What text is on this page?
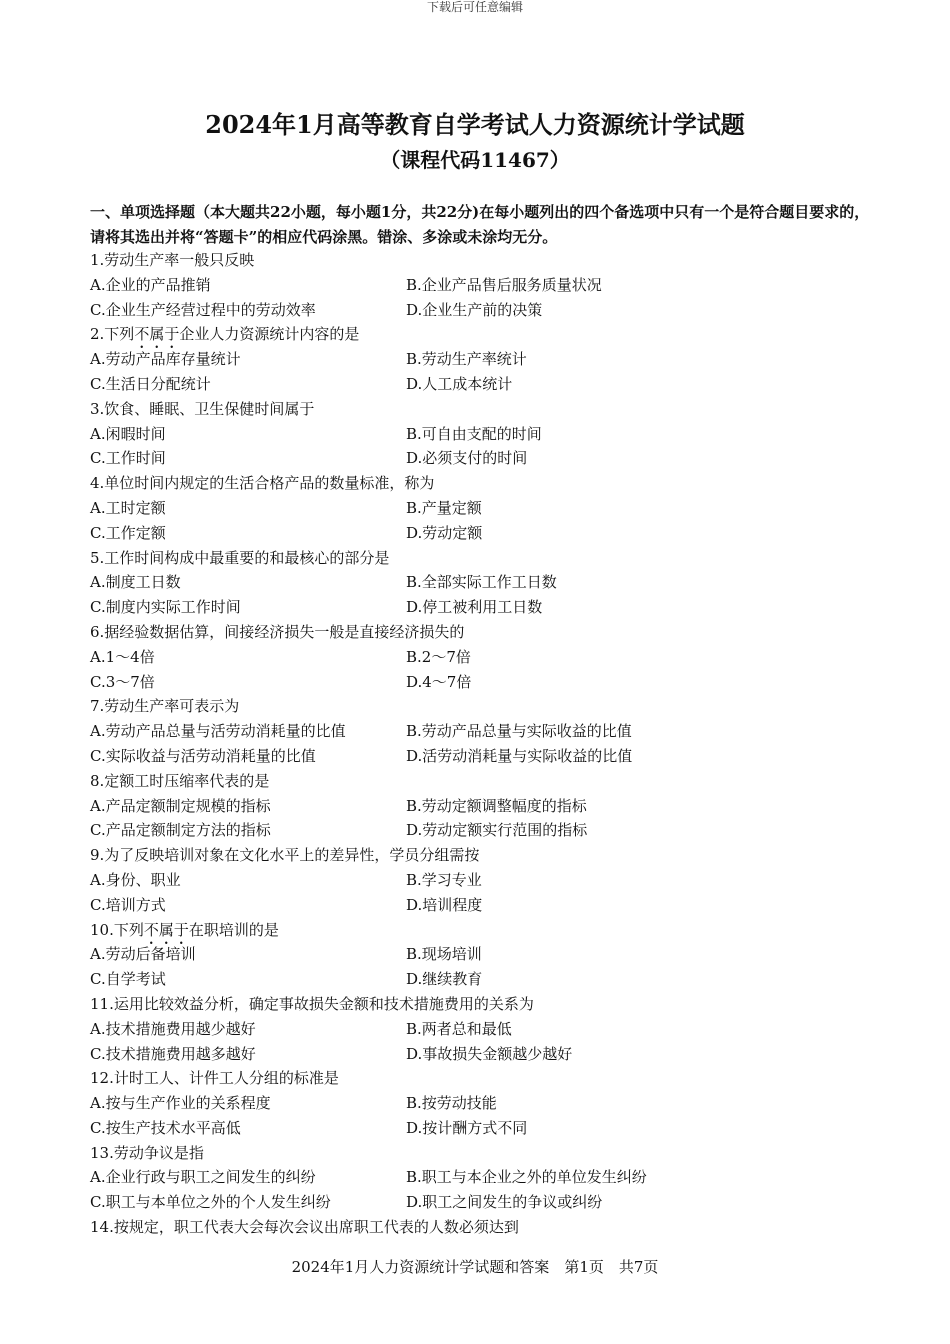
下载后可任意编辑
2024年1月高等教育自学考试人力资源统计学试题
（课程代码11467）
一、单项选择题（本大题共22小题，每小题1分，共22分)在每小题列出的四个备选项中只有一个是符合题目要求的，请将其选出并将“答题卡”的相应代码涂黑。错涂、多涂或未涂均无分。
1.劳动生产率一般只反映
A.企业的产品推销	B.企业产品售后服务质量状况
C.企业生产经营过程中的劳动效率	D.企业生产前的决策
2.下列不属于企业人力资源统计内容的是
A.劳动产品库存量统计	B.劳动生产率统计
C.生活日分配统计	D.人工成本统计
3.饮食、睡眠、卫生保健时间属于
A.闲暇时间	B.可自由支配的时间
C.工作时间	D.必须支付的时间
4.单位时间内规定的生活合格产品的数量标准，称为
A.工时定额	B.产量定额
C.工作定额	D.劳动定额
5.工作时间构成中最重要的和最核心的部分是
A.制度工日数	B.全部实际工作工日数
C.制度内实际工作时间	D.停工被利用工日数
6.据经验数据估算，间接经济损失一般是直接经济损失的
A.1～4倍	B.2～7倍
C.3～7倍	D.4～7倍
7.劳动生产率可表示为
A.劳动产品总量与活劳动消耗量的比值	B.劳动产品总量与实际收益的比值
C.实际收益与活劳动消耗量的比值	D.活劳动消耗量与实际收益的比值
8.定额工时压缩率代表的是
A.产品定额制定规模的指标	B.劳动定额调整幅度的指标
C.产品定额制定方法的指标	D.劳动定额实行范围的指标
9.为了反映培训对象在文化水平上的差异性，学员分组需按
A.身份、职业	B.学习专业
C.培训方式	D.培训程度
10.下列不属于在职培训的是
A.劳动后备培训	B.现场培训
C.自学考试	D.继续教育
11.运用比较效益分析，确定事故损失金额和技术措施费用的关系为
A.技术措施费用越少越好	B.两者总和最低
C.技术措施费用越多越好	D.事故损失金额越少越好
12.计时工人、计件工人分组的标准是
A.按与生产作业的关系程度	B.按劳动技能
C.按生产技术水平高低	D.按计酬方式不同
13.劳动争议是指
A.企业行政与职工之间发生的纠纷	B.职工与本企业之外的单位发生纠纷
C.职工与本单位之外的个人发生纠纷	D.职工之间发生的争议或纠纷
14.按规定，职工代表大会每次会议出席职工代表的人数必须达到
2024年1月人力资源统计学试题和答案　第1页　共7页
